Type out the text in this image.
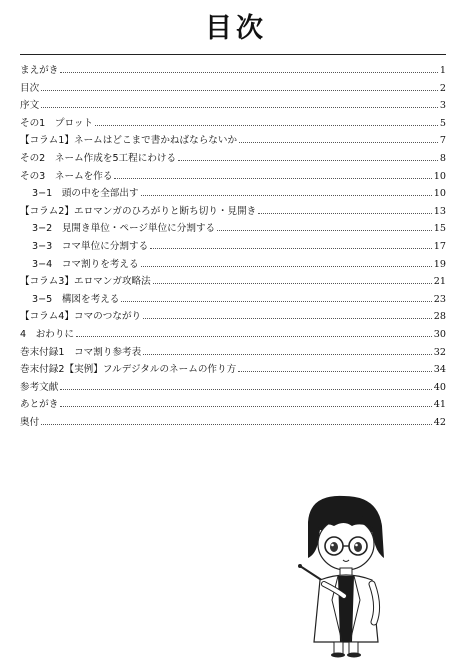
目次
まえがき	1
目次	2
序文	3
その1　プロット	5
【コラム1】ネームはどこまで書かねばならないか	7
その2　ネーム作成を5工程にわける	8
その3　ネームを作る	10
3−1　頭の中を全部出す	10
【コラム2】エロマンガのひろがりと断ち切り・見開き	13
3−2　見開き単位・ページ単位に分割する	15
3−3　コマ単位に分割する	17
3−4　コマ割りを考える	19
【コラム3】エロマンガ攻略法	21
3−5　構図を考える	23
【コラム4】コマのつながり	28
4　おわりに	30
巻末付録1　コマ割り参考表	32
巻末付録2【実例】フルデジタルのネームの作り方	34
参考文献	40
あとがき	41
奥付	42
